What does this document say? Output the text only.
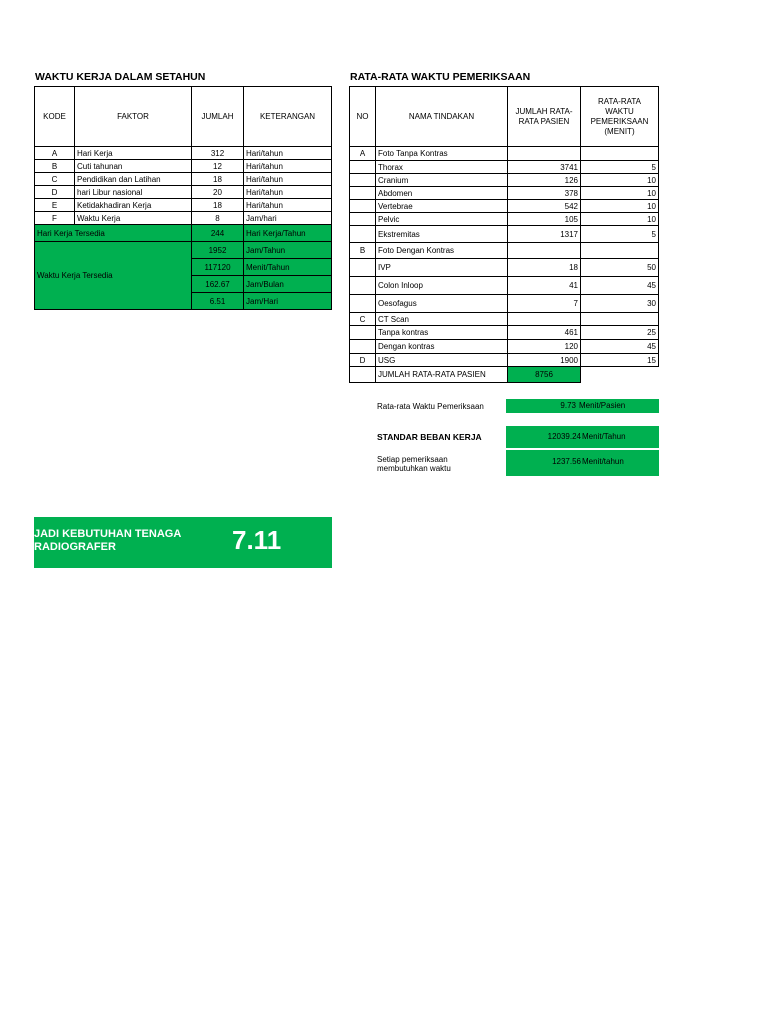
WAKTU KERJA DALAM SETAHUN
KODE	FAKTOR	JUMLAH	KETERANGAN
A	Hari Kerja	312	Hari/tahun
B	Cuti tahunan	12	Hari/tahun
C	Pendidikan dan Latihan	18	Hari/tahun
D	hari Libur nasional	20	Hari/tahun
E	Ketidakhadiran Kerja	18	Hari/tahun
F	Waktu Kerja	8	Jam/hari
Hari Kerja Tersedia		244	Hari Kerja/Tahun
Waktu Kerja Tersedia		1952	Jam/Tahun
		117120	Menit/Tahun
		162.67	Jam/Bulan
		6.51	Jam/Hari
RATA-RATA WAKTU PEMERIKSAAN
NO	NAMA TINDAKAN	JUMLAH RATA-RATA PASIEN	RATA-RATA WAKTU PEMERIKSAAN (MENIT)
A	Foto Tanpa Kontras		
	Thorax	3741	5
	Cranium	126	10
	Abdomen	378	10
	Vertebrae	542	10
	Pelvic	105	10
	Ekstremitas	1317	5
B	Foto Dengan Kontras		
	IVP	18	50
	Colon Inloop	41	45
	Oesofagus	7	30
C	CT Scan		
	Tanpa kontras	461	25
	Dengan kontras	120	45
D	USG	1900	15
	JUMLAH RATA-RATA PASIEN	8756	
Rata-rata Waktu Pemeriksaan	9.73 Menit/Pasien
STANDAR BEBAN KERJA	12039.24 Menit/Tahun
Setiap pemeriksaan
membutuhkan waktu
1237.56 Menit/tahun
JADI KEBUTUHAN TENAGA
RADIOGRAFER	7.11
